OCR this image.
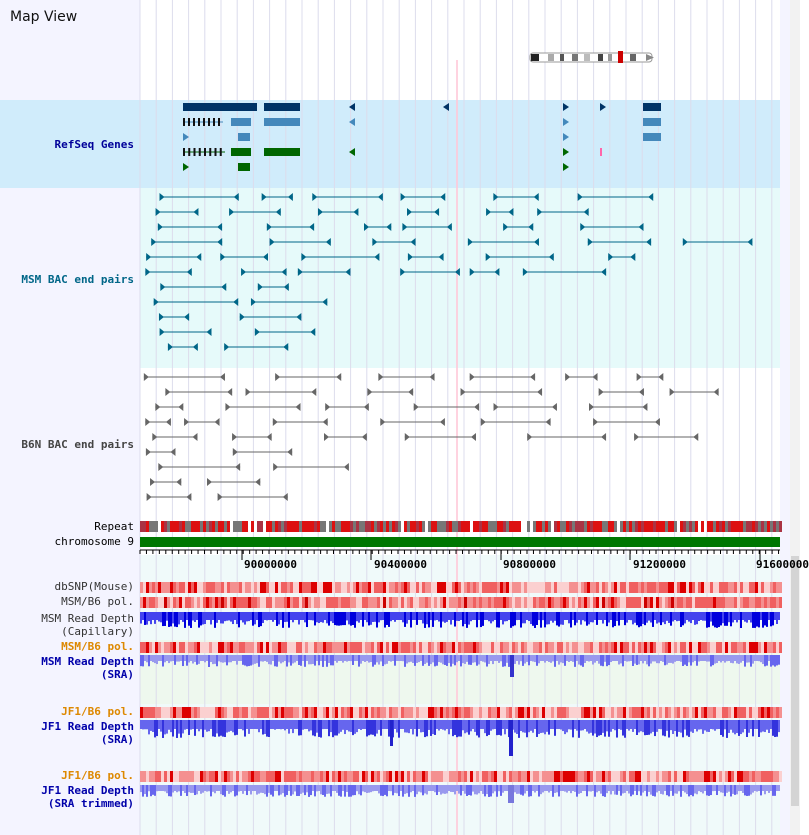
Map View
90000000	90400000	90800000	91200000	91600000
RefSeq Genes
MSM BAC end pairs
B6N BAC end pairs
Repeat
chromosome 9
dbSNP(Mouse)
MSM/B6 pol.
MSM Read Depth
(Capillary)
MSM/B6 pol.
MSM Read Depth
(SRA)
JF1/B6 pol.
JF1 Read Depth
(SRA)
JF1/B6 pol.
JF1 Read Depth
(SRA trimmed)
